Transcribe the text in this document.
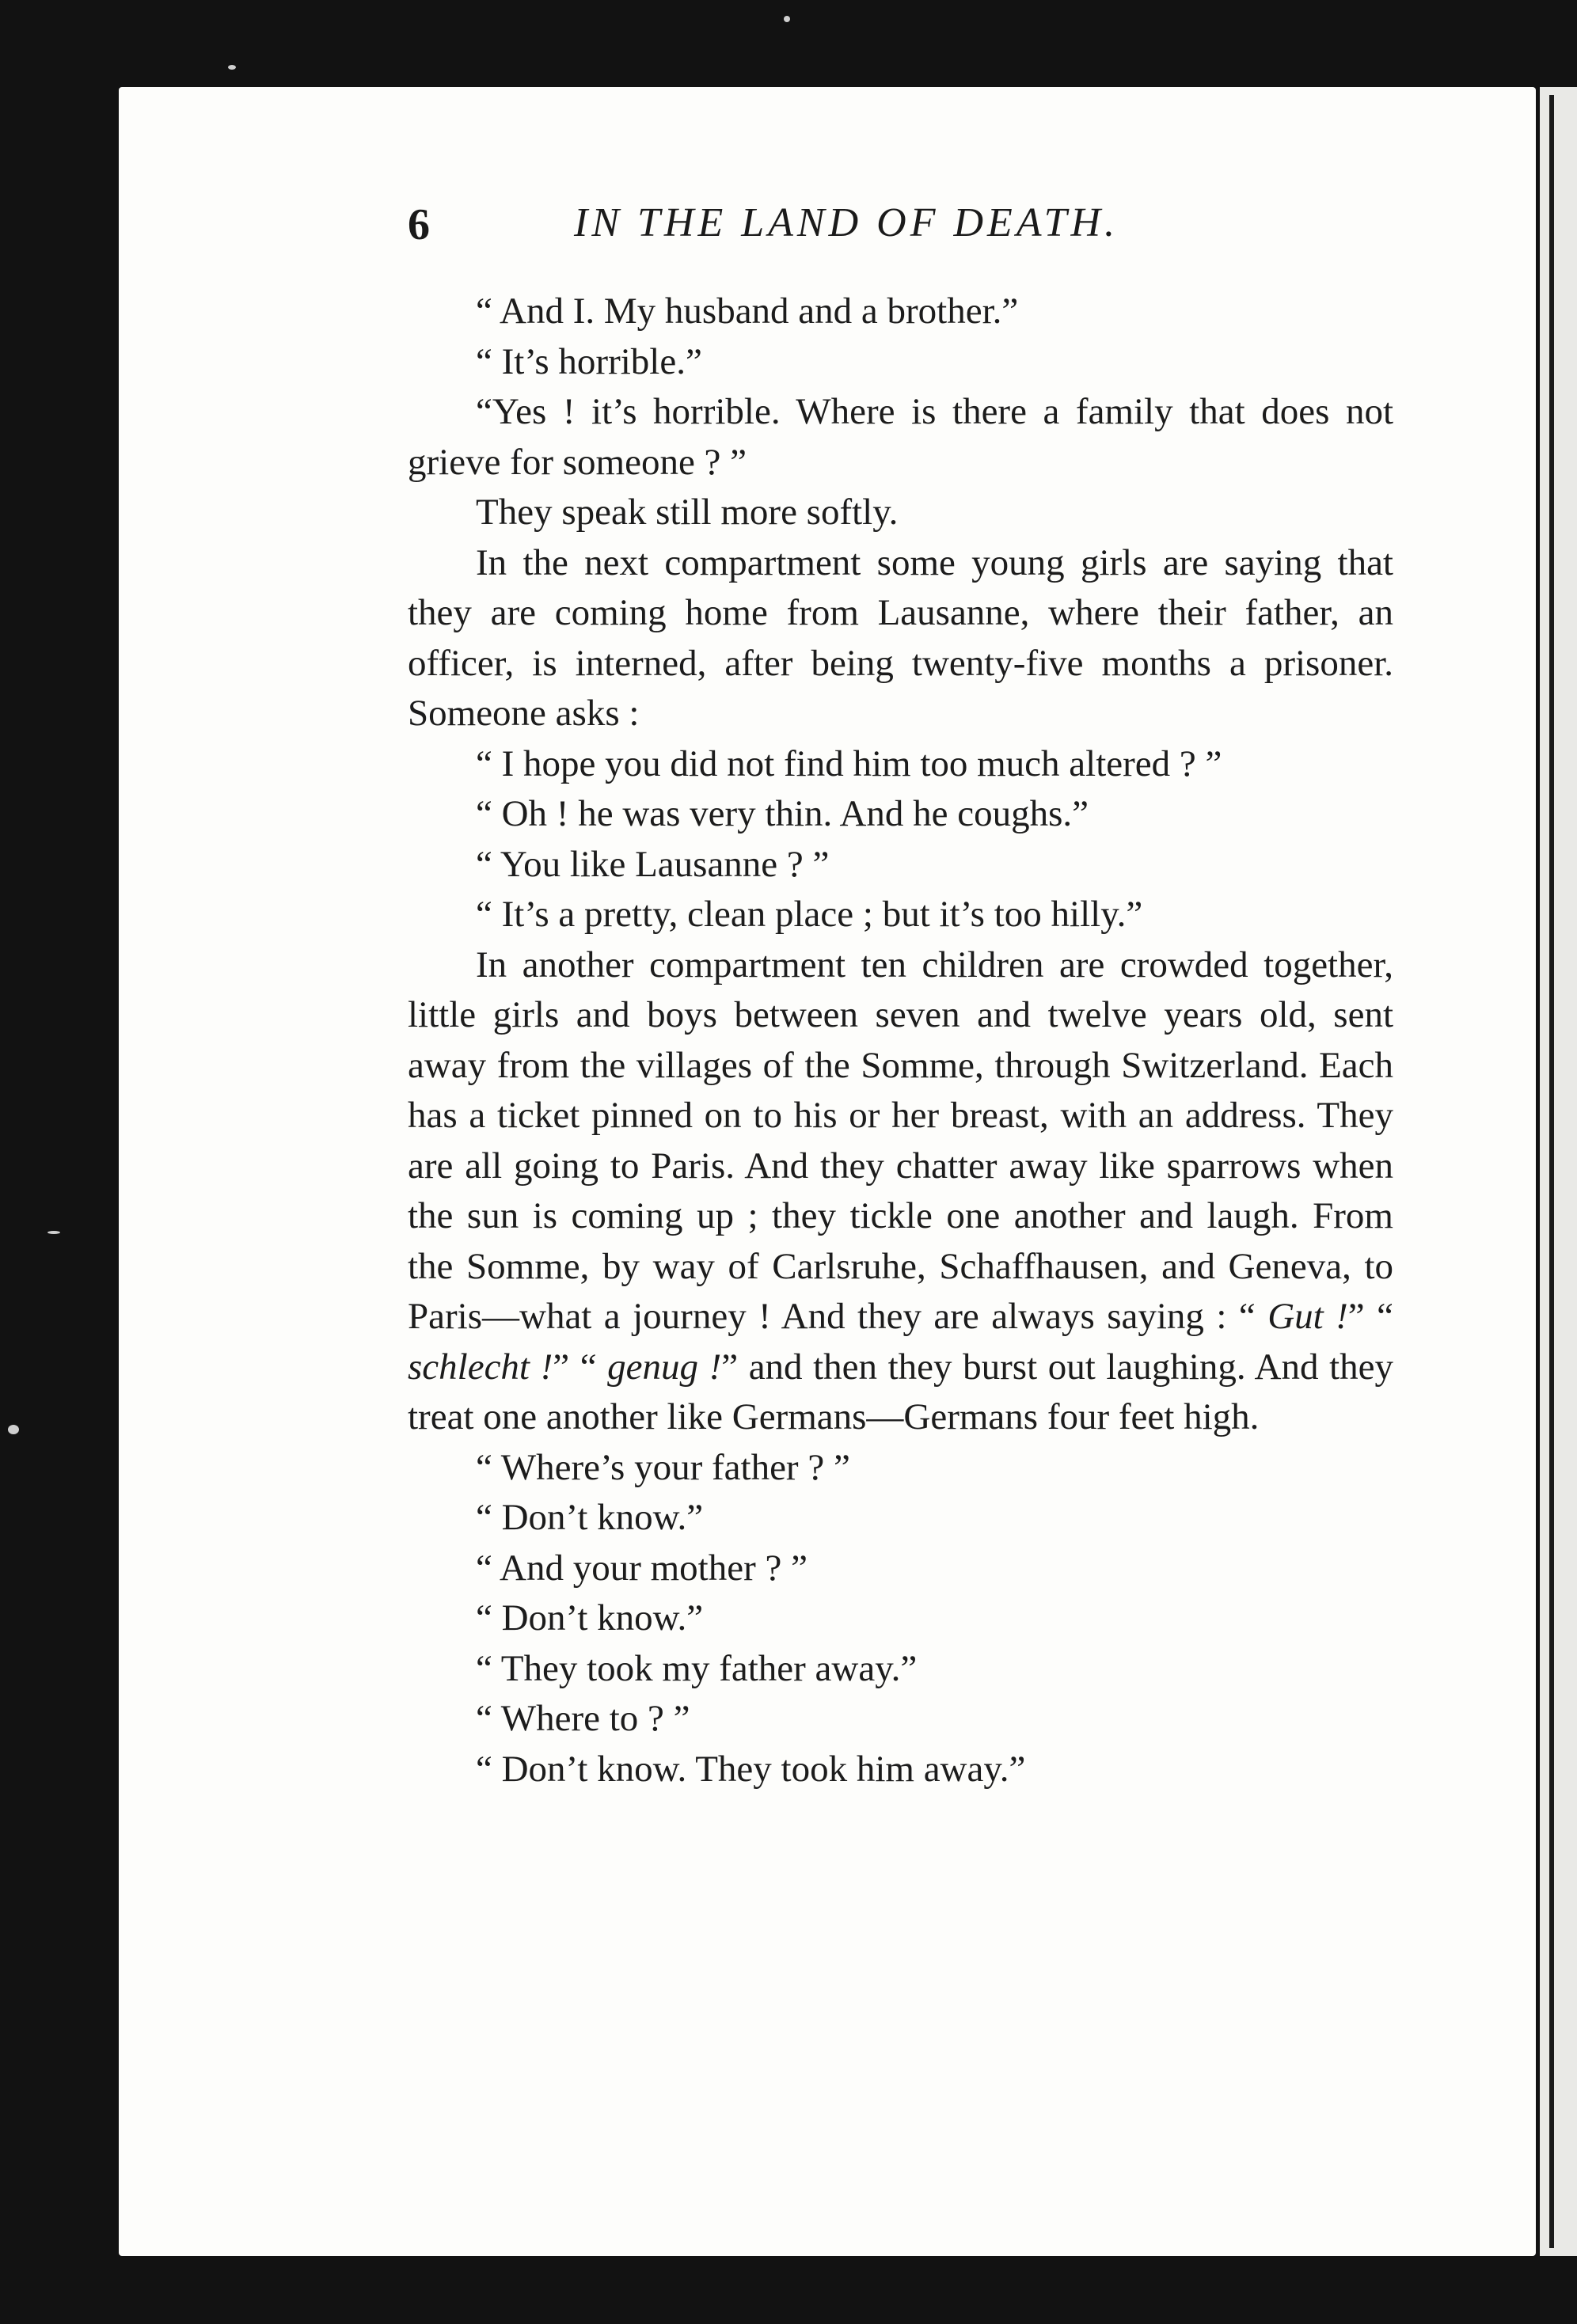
6	IN THE LAND OF DEATH.

“ And I. My husband and a brother.”

“ It’s horrible.”

“Yes ! it’s horrible. Where is there a family that does not grieve for someone ? ”

They speak still more softly.

In the next compartment some young girls are saying that they are coming home from Lausanne, where their father, an officer, is interned, after being twenty-five months a prisoner. Someone asks :

“ I hope you did not find him too much altered ? ”

“ Oh ! he was very thin. And he coughs.”

“ You like Lausanne ? ”

“ It’s a pretty, clean place ; but it’s too hilly.”

In another compartment ten children are crowded together, little girls and boys between seven and twelve years old, sent away from the villages of the Somme, through Switzerland. Each has a ticket pinned on to his or her breast, with an address. They are all going to Paris. And they chatter away like sparrows when the sun is coming up ; they tickle one another and laugh. From the Somme, by way of Carlsruhe, Schaffhausen, and Geneva, to Paris—what a journey ! And they are always saying : “ Gut !” “ schlecht !” “ genug !” and then they burst out laughing. And they treat one another like Germans—Germans four feet high.

“ Where’s your father ? ”

“ Don’t know.”

“ And your mother ? ”

“ Don’t know.”

“ They took my father away.”

“ Where to ? ”

“ Don’t know. They took him away.”
